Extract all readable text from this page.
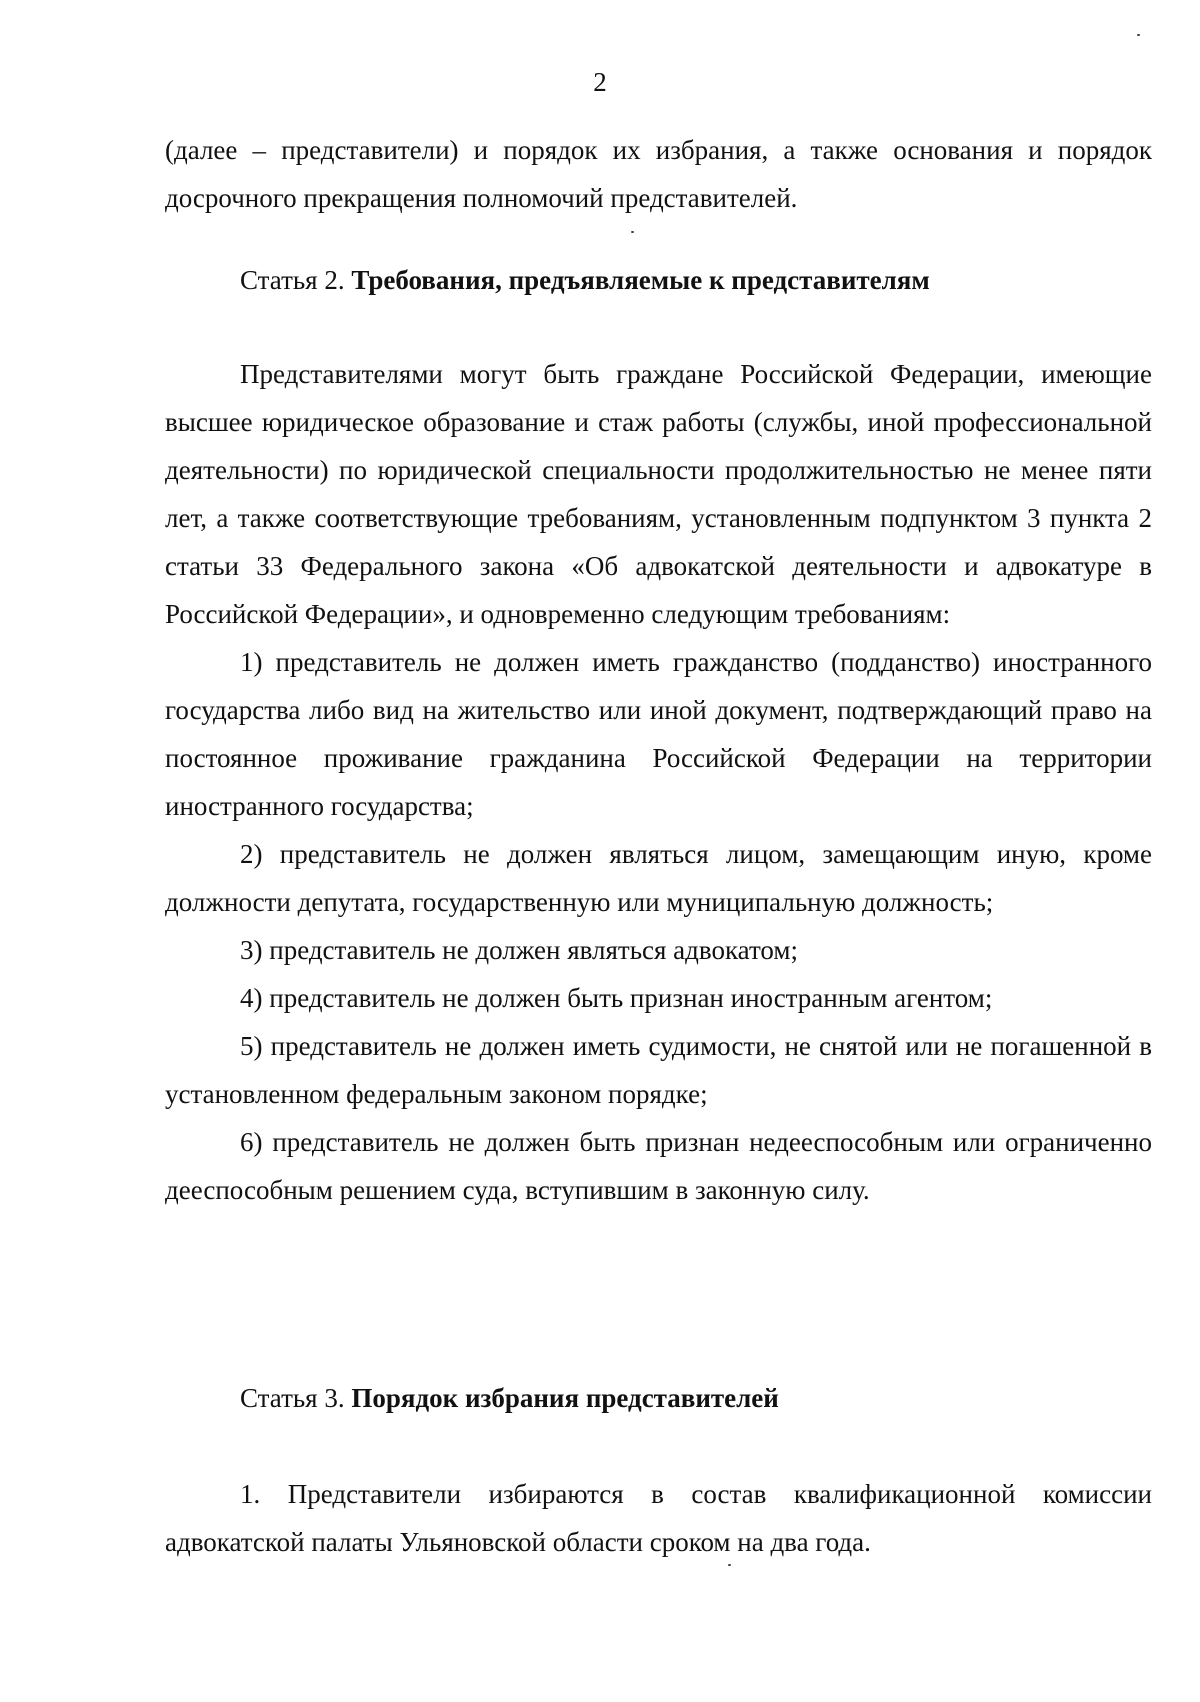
2

(далее – представители) и порядок их избрания, а также основания и порядок досрочного прекращения полномочий представителей.

Статья 2. Требования, предъявляемые к представителям

Представителями могут быть граждане Российской Федерации, имеющие высшее юридическое образование и стаж работы (службы, иной профессиональной деятельности) по юридической специальности продолжительностью не менее пяти лет, а также соответствующие требованиям, установленным подпунктом 3 пункта 2 статьи 33 Федерального закона «Об адвокатской деятельности и адвокатуре в Российской Федерации», и одновременно следующим требованиям:

1) представитель не должен иметь гражданство (подданство) иностранного государства либо вид на жительство или иной документ, подтверждающий право на постоянное проживание гражданина Российской Федерации на территории иностранного государства;

2) представитель не должен являться лицом, замещающим иную, кроме должности депутата, государственную или муниципальную должность;

3) представитель не должен являться адвокатом;

4) представитель не должен быть признан иностранным агентом;

5) представитель не должен иметь судимости, не снятой или не погашенной в установленном федеральным законом порядке;

6) представитель не должен быть признан недееспособным или ограниченно дееспособным решением суда, вступившим в законную силу.

Статья 3. Порядок избрания представителей

1. Представители избираются в состав квалификационной комиссии адвокатской палаты Ульяновской области сроком на два года.
